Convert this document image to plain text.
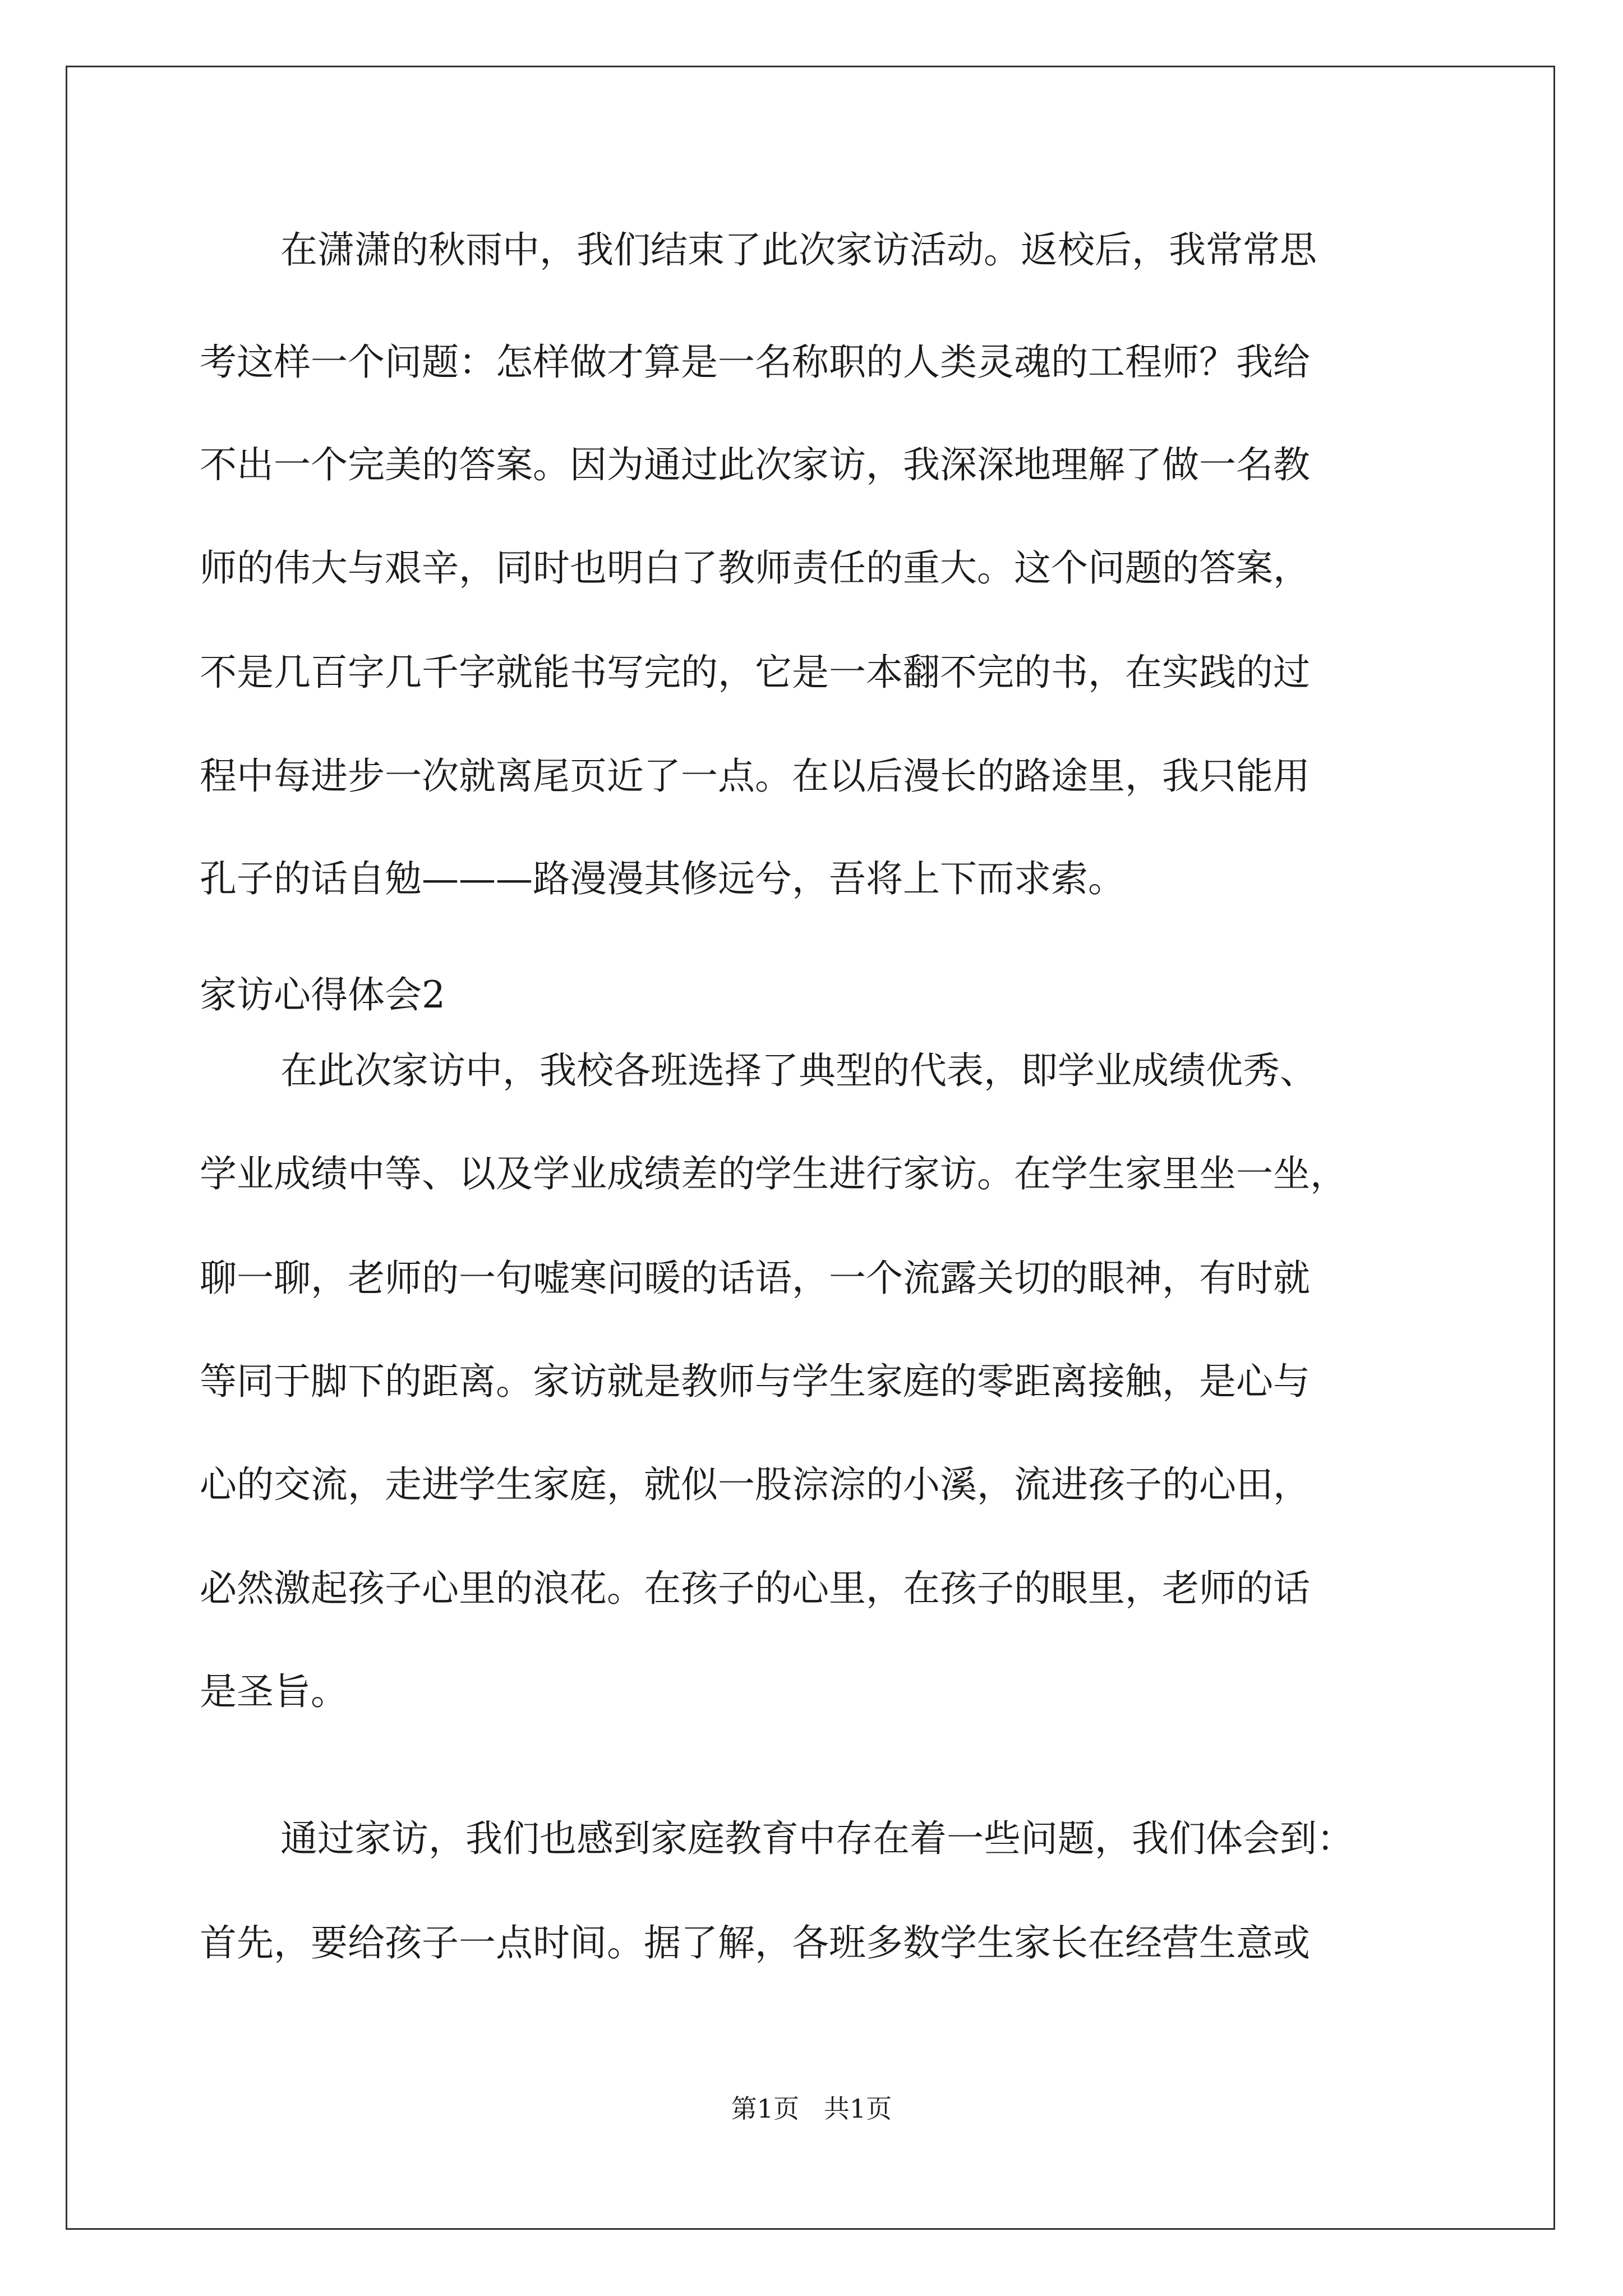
在潇潇的秋雨中，我们结束了此次家访活动。返校后，我常常思
考这样一个问题：怎样做才算是一名称职的人类灵魂的工程师？我给
不出一个完美的答案。因为通过此次家访，我深深地理解了做一名教
师的伟大与艰辛，同时也明白了教师责任的重大。这个问题的答案，
不是几百字几千字就能书写完的，它是一本翻不完的书，在实践的过
程中每进步一次就离尾页近了一点。在以后漫长的路途里，我只能用
孔子的话自勉———路漫漫其修远兮，吾将上下而求索。
家访心得体会2
在此次家访中，我校各班选择了典型的代表，即学业成绩优秀、
学业成绩中等、以及学业成绩差的学生进行家访。在学生家里坐一坐，
聊一聊，老师的一句嘘寒问暖的话语，一个流露关切的眼神，有时就
等同于脚下的距离。家访就是教师与学生家庭的零距离接触，是心与
心的交流，走进学生家庭，就似一股淙淙的小溪，流进孩子的心田，
必然激起孩子心里的浪花。在孩子的心里，在孩子的眼里，老师的话
是圣旨。
通过家访，我们也感到家庭教育中存在着一些问题，我们体会到：
首先，要给孩子一点时间。据了解，各班多数学生家长在经营生意或
第1页   共1页
